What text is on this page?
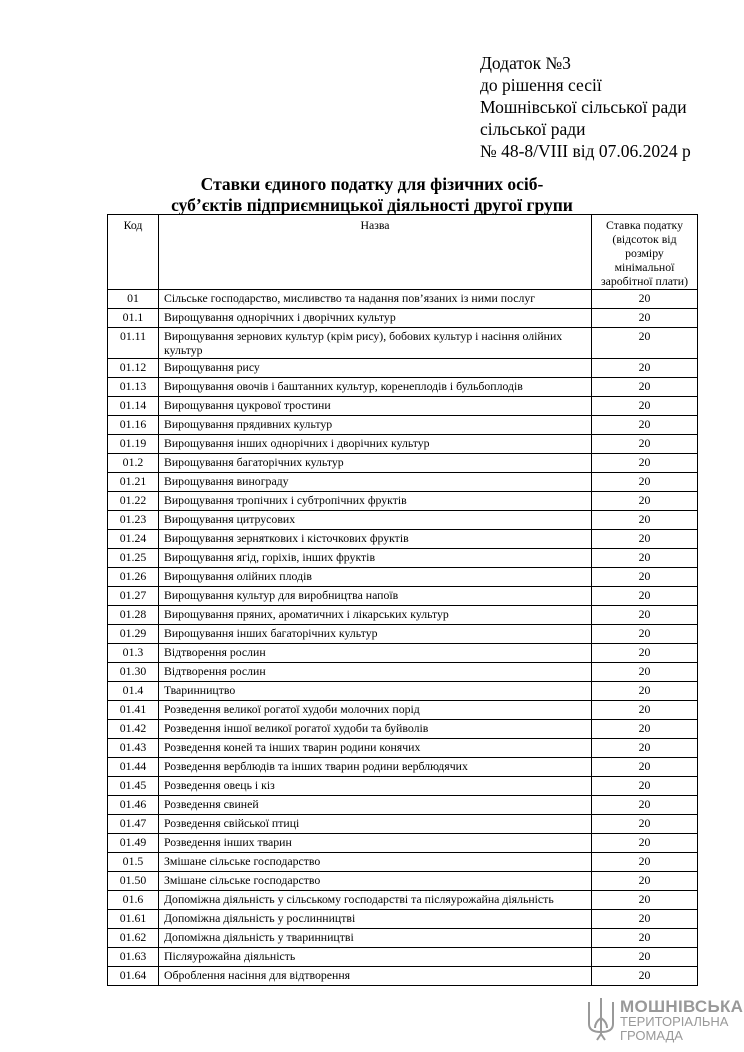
Додаток №3
до рішення сесії
Мошнівської сільської ради
сільської ради
№ 48-8/VIII від 07.06.2024 р
Ставки єдиного податку для фізичних осіб-
суб’єктів підприємницької діяльності другої групи
Код	Назва	Ставка податку (відсоток від розміру мінімальної заробітної плати)
01	Сільське господарство, мисливство та надання пов’язаних із ними послуг	20
01.1	Вирощування однорічних і дворічних культур	20
01.11	Вирощування зернових культур (крім рису), бобових культур і насіння олійних культур	20
01.12	Вирощування рису	20
01.13	Вирощування овочів і баштанних культур, коренеплодів і бульбоплодів	20
01.14	Вирощування цукрової тростини	20
01.16	Вирощування прядивних культур	20
01.19	Вирощування інших однорічних і дворічних культур	20
01.2	Вирощування багаторічних культур	20
01.21	Вирощування винограду	20
01.22	Вирощування тропічних і субтропічних фруктів	20
01.23	Вирощування цитрусових	20
01.24	Вирощування зерняткових і кісточкових фруктів	20
01.25	Вирощування ягід, горіхів, інших фруктів	20
01.26	Вирощування олійних плодів	20
01.27	Вирощування культур для виробництва напоїв	20
01.28	Вирощування пряних, ароматичних і лікарських культур	20
01.29	Вирощування інших багаторічних культур	20
01.3	Відтворення рослин	20
01.30	Відтворення рослин	20
01.4	Тваринництво	20
01.41	Розведення великої рогатої худоби молочних порід	20
01.42	Розведення іншої великої рогатої худоби та буйволів	20
01.43	Розведення коней та інших тварин родини конячих	20
01.44	Розведення верблюдів та інших тварин родини верблюдячих	20
01.45	Розведення овець і кіз	20
01.46	Розведення свиней	20
01.47	Розведення свійської птиці	20
01.49	Розведення інших тварин	20
01.5	Змішане сільське господарство	20
01.50	Змішане сільське господарство	20
01.6	Допоміжна діяльність у сільському господарстві та післяурожайна діяльність	20
01.61	Допоміжна діяльність у рослинництві	20
01.62	Допоміжна діяльність у тваринництві	20
01.63	Післяурожайна діяльність	20
01.64	Оброблення насіння для відтворення	20
МОШНІВСЬКА
ТЕРИТОРІАЛЬНА
ГРОМАДА
